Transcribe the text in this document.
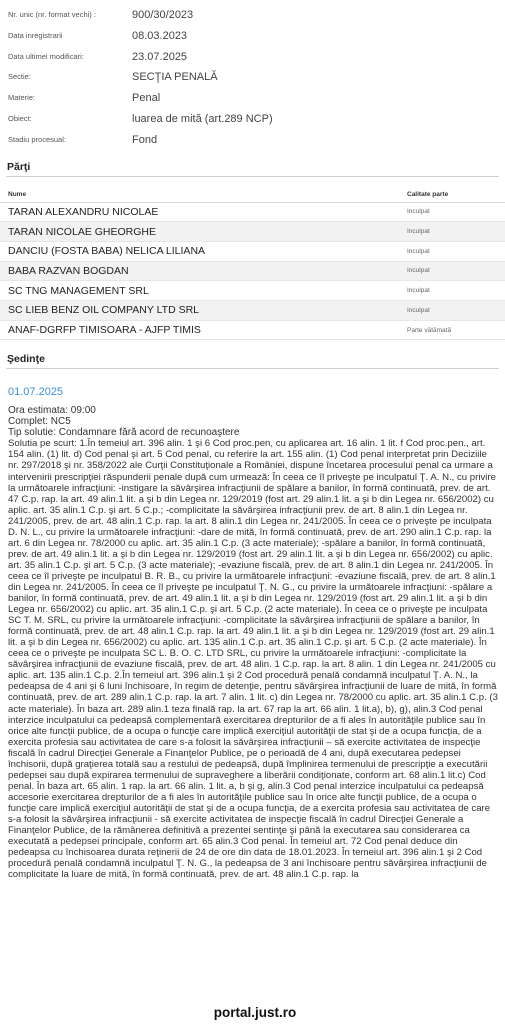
Nr. unic (nr. format vechi) :	900/30/2023
Data inregistrarii	08.03.2023
Data ultimei modificari:	23.07.2025
Sectie:	SECŢIA PENALĂ
Materie:	Penal
Obiect:	luarea de mită (art.289 NCP)
Stadiu procesual:	Fond
Părţi
Nume	Calitate parte
TARAN ALEXANDRU NICOLAE	Inculpat
TARAN NICOLAE GHEORGHE	Inculpat
DANCIU (FOSTA BABA) NELICA LILIANA	Inculpat
BABA RAZVAN BOGDAN	Inculpat
SC TNG MANAGEMENT SRL	Inculpat
SC LIEB BENZ OIL COMPANY LTD SRL	Inculpat
ANAF-DGRFP TIMISOARA - AJFP TIMIS	Parte vătămată
Şedinţe
01.07.2025
Ora estimata: 09:00
Complet: NC5
Tip solutie: Condamnare fără acord de recunoaştere
Solutia pe scurt: 1.În temeiul art. 396 alin. 1 şi 6 Cod proc.pen, cu aplicarea art. 16 alin. 1 lit. f Cod proc.pen., art. 154 alin. (1) lit. d) Cod penal şi art. 5 Cod penal, cu referire la art. 155 alin. (1) Cod penal interpretat prin Deciziile nr. 297/2018 şi nr. 358/2022 ale Curţii Constituţionale a României, dispune încetarea procesului penal ca urmare a intervenirii prescripţiei răspunderii penale după cum urmează: În ceea ce îl priveşte pe inculpatul Ţ. A. N., cu privire la următoarele infracţiuni: -instigare la săvârşirea infracţiunii de spălare a banilor, în formă continuată, prev. de art. 47 C.p. rap. la art. 49 alin.1 lit. a şi b din Legea nr. 129/2019 (fost art. 29 alin.1 lit. a şi b din Legea nr. 656/2002) cu aplic. art. 35 alin.1 C.p. şi art. 5 C.p.; -complicitate la săvârşirea infracţiunii prev. de art. 8 alin.1 din Legea nr. 241/2005, prev. de art. 48 alin.1 C.p. rap. la art. 8 alin.1 din Legea nr. 241/2005. În ceea ce o priveşte pe inculpata D. N. L., cu privire la următoarele infracţiuni: -dare de mită, în formă continuată, prev. de art. 290 alin.1 C.p. rap. la art. 6 din Legea nr. 78/2000 cu aplic. art. 35 alin.1 C.p. (3 acte materiale); -spălare a banilor, în formă continuată, prev. de art. 49 alin.1 lit. a şi b din Legea nr. 129/2019 (fost art. 29 alin.1 lit. a şi b din Legea nr. 656/2002) cu aplic. art. 35 alin.1 C.p. şi art. 5 C.p. (3 acte materiale); -evaziune fiscală, prev. de art. 8 alin.1 din Legea nr. 241/2005. În ceea ce îl priveşte pe inculpatul B. R. B., cu privire la următoarele infracţiuni: -evaziune fiscală, prev. de art. 8 alin.1 din Legea nr. 241/2005. În ceea ce îl priveşte pe inculpatul Ţ. N. G., cu privire la următoarele infracţiuni: -spălare a banilor, în formă continuată, prev. de art. 49 alin.1 lit. a şi b din Legea nr. 129/2019 (fost art. 29 alin.1 lit. a şi b din Legea nr. 656/2002) cu aplic. art. 35 alin.1 C.p. şi art. 5 C.p. (2 acte materiale). În ceea ce o priveşte pe inculpata SC T. M. SRL, cu privire la următoarele infracţiuni: -complicitate la săvârşirea infracţiunii de spălare a banilor, în formă continuată, prev. de art. 48 alin.1 C.p. rap. la art. 49 alin.1 lit. a şi b din Legea nr. 129/2019 (fost art. 29 alin.1 lit. a şi b din Legea nr. 656/2002) cu aplic. art. 135 alin.1 C.p. art. 35 alin.1 C.p. şi art. 5 C.p. (2 acte materiale). În ceea ce o priveşte pe inculpata SC L. B. O. C. LTD SRL, cu privire la următoarele infracţiuni: -complicitate la săvârşirea infracţiunii de evaziune fiscală, prev. de art. 48 alin. 1 C.p. rap. la art. 8 alin. 1 din Legea nr. 241/2005 cu aplic. art. 135 alin.1 C.p. 2.În temeiul art. 396 alin.1 şi 2 Cod procedură penală condamnă inculpatul Ţ. A. N., la pedeapsa de 4 ani şi 6 luni închisoare, în regim de detenţie, pentru săvârşirea infracţiunii de luare de mită, în formă continuată, prev. de art. 289 alin.1 C.p. rap. la art. 7 alin. 1 lit. c) din Legea nr. 78/2000 cu aplic. art. 35 alin.1 C.p. (3 acte materiale). În baza art. 289 alin.1 teza finală rap. la art. 67 rap la art. 66 alin. 1 lit.a), b), g), alin.3 Cod penal interzice inculpatului ca pedeapsă complementară exercitarea drepturilor de a fi ales în autorităţile publice sau în orice alte funcţii publice, de a ocupa o funcţie care implică exerciţiul autorităţii de stat şi de a ocupa funcţia, de a exercita profesia sau activitatea de care s-a folosit la săvârşirea infracţiunii – să exercite activitatea de inspecţie fiscală în cadrul Direcţiei Generale a Finanţelor Publice, pe o perioadă de 4 ani, după executarea pedepsei închisorii, după graţierea totală sau a restului de pedeapsă, după împlinirea termenului de prescripţie a executării pedepsei sau după expirarea termenului de supraveghere a liberării condiţionate, conform art. 68 alin.1 lit.c) Cod penal. În baza art. 65 alin. 1 rap. la art. 66 alin. 1 lit. a, b şi g, alin.3 Cod penal interzice inculpatului ca pedeapsă accesorie exercitarea drepturilor de a fi ales în autorităţile publice sau în orice alte funcţii publice, de a ocupa o funcţie care implică exerciţiul autorităţii de stat şi de a ocupa funcţia, de a exercita profesia sau activitatea de care s-a folosit la săvârşirea infracţiunii - să exercite activitatea de inspecţie fiscală în cadrul Direcţiei Generale a Finanţelor Publice, de la rămânerea definitivă a prezentei sentinţe şi până la executarea sau considerarea ca executată a pedepsei principale, conform art. 65 alin.3 Cod penal. În temeiul art. 72 Cod penal deduce din pedeapsa cu închisoarea durata reţinerii de 24 de ore din data de 18.01.2023. În temeiul art. 396 alin.1 şi 2 Cod procedură penală condamnă inculpatul Ţ. N. G., la pedeapsa de 3 ani închisoare pentru săvârşirea infracţiunii de complicitate la luare de mită, în formă continuată, prev. de art. 48 alin.1 C.p. rap. la
portal.just.ro
